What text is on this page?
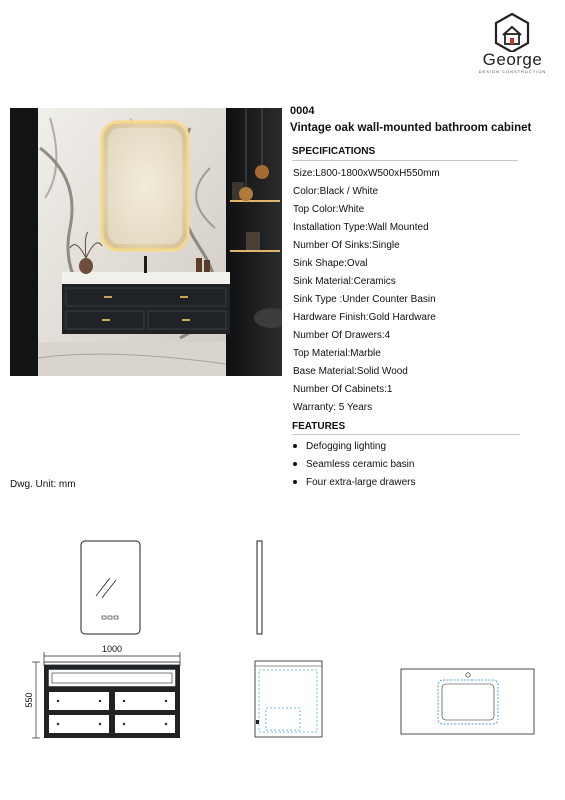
George
DESIGN CONSTRUCTION
0004
Vintage oak wall-mounted bathroom cabinet
SPECIFICATIONS
Size:L800-1800xW500xH550mm
Color:Black / White
Top Color:White
Installation Type:Wall Mounted
Number Of Sinks:Single
Sink Shape:Oval
Sink Material:Ceramics
Sink Type :Under Counter Basin
Hardware Finish:Gold Hardware
Number Of Drawers:4
Top Material:Marble
Base Material:Solid Wood
Number Of Cabinets:1
Warranty: 5 Years
FEATURES
Defogging lighting
Seamless ceramic basin
Four extra-large drawers
Dwg. Unit: mm
1000
550
